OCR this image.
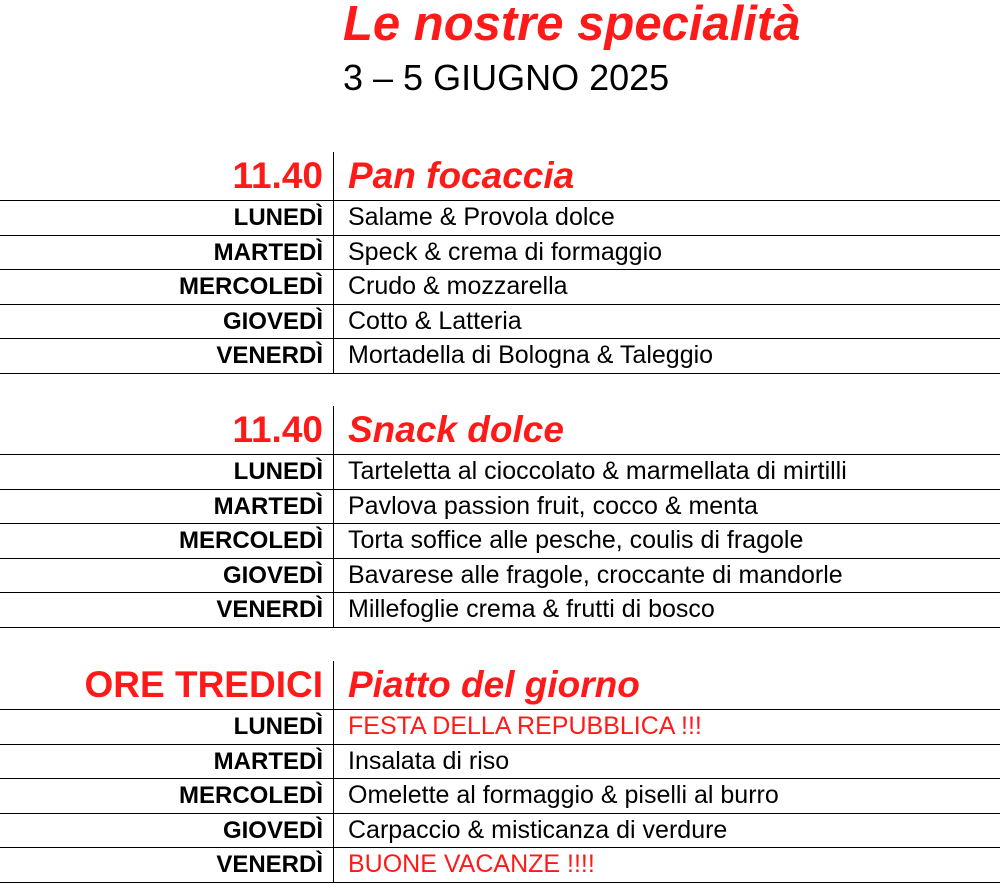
Le nostre specialità
3 – 5 GIUGNO 2025
11.40 Pan focaccia
LUNEDÌ Salame & Provola dolce
MARTEDÌ Speck & crema di formaggio
MERCOLEDÌ Crudo & mozzarella
GIOVEDÌ Cotto & Latteria
VENERDÌ Mortadella di Bologna & Taleggio
11.40 Snack dolce
LUNEDÌ Tarteletta al cioccolato & marmellata di mirtilli
MARTEDÌ Pavlova passion fruit, cocco & menta
MERCOLEDÌ Torta soffice alle pesche, coulis di fragole
GIOVEDÌ Bavarese alle fragole, croccante di mandorle
VENERDÌ Millefoglie crema & frutti di bosco
ORE TREDICI Piatto del giorno
LUNEDÌ FESTA DELLA REPUBBLICA !!!
MARTEDÌ Insalata di riso
MERCOLEDÌ Omelette al formaggio & piselli al burro
GIOVEDÌ Carpaccio & misticanza di verdure
VENERDÌ BUONE VACANZE !!!!
